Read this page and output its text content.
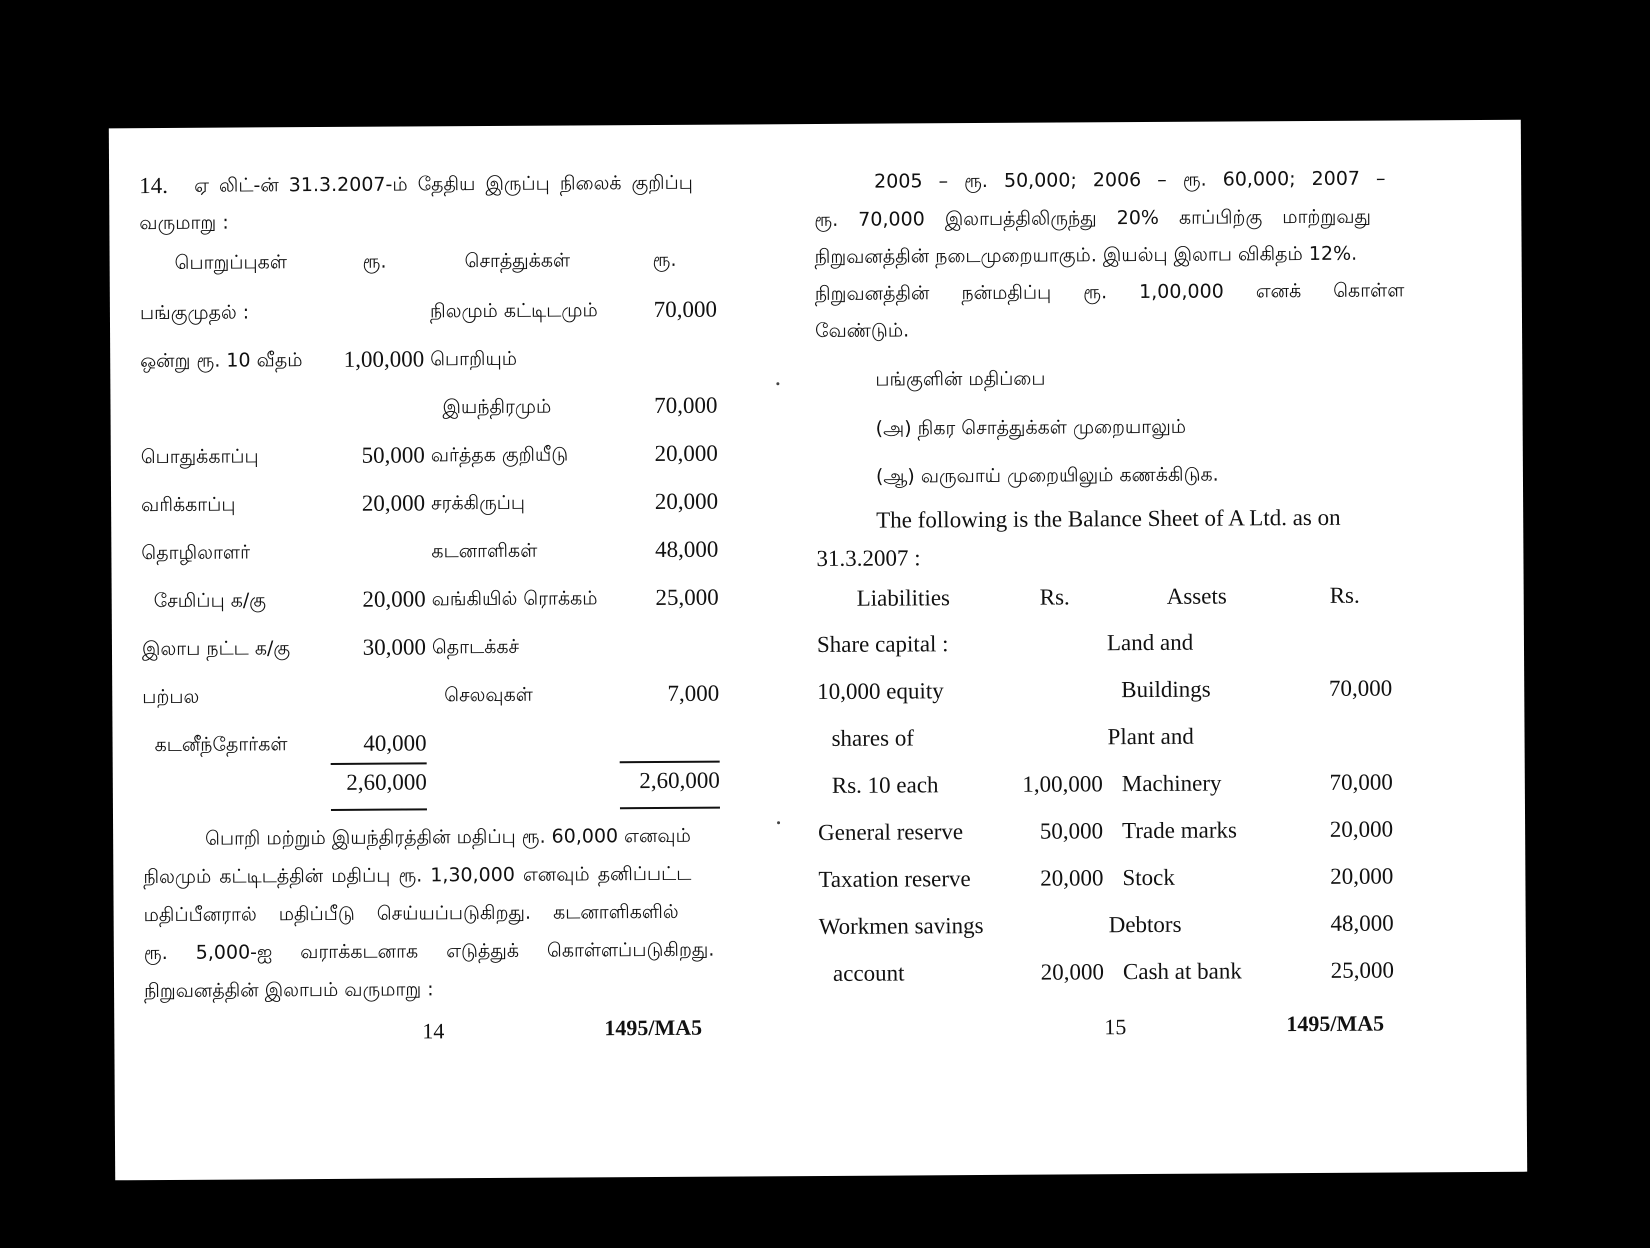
14. ஏ லிட்-ன் 31.3.2007-ம் தேதிய இருப்பு நிலைக் குறிப்பு
வருமாறு :
பொறுப்புகள்	ரூ.	சொத்துக்கள்	ரூ.
பங்குமுதல் :	நிலமும் கட்டிடமும்	70,000
ஒன்று ரூ. 10 வீதம்	1,00,000 பொறியும்
இயந்திரமும்	70,000
பொதுக்காப்பு	50,000 வர்த்தக குறியீடு	20,000
வரிக்காப்பு	20,000 சரக்கிருப்பு	20,000
தொழிலாளர்	கடனாளிகள்	48,000
சேமிப்பு க/கு	20,000 வங்கியில் ரொக்கம்	25,000
இலாப நட்ட க/கு	30,000 தொடக்கச்
பற்பல	செலவுகள்	7,000
கடனீந்தோர்கள்	40,000
2,60,000	2,60,000
பொறி மற்றும் இயந்திரத்தின் மதிப்பு ரூ. 60,000 எனவும்
நிலமும் கட்டிடத்தின் மதிப்பு ரூ. 1,30,000 எனவும் தனிப்பட்ட
மதிப்பீனரால் மதிப்பீடு செய்யப்படுகிறது. கடனாளிகளில்
ரூ. 5,000-ஐ வராக்கடனாக எடுத்துக் கொள்ளப்படுகிறது.
நிறுவனத்தின் இலாபம் வருமாறு :
14	1495/MA5
2005 – ரூ. 50,000; 2006 – ரூ. 60,000; 2007 –
ரூ. 70,000 இலாபத்திலிருந்து 20% காப்பிற்கு மாற்றுவது
நிறுவனத்தின் நடைமுறையாகும். இயல்பு இலாப விகிதம் 12%.
நிறுவனத்தின் நன்மதிப்பு ரூ. 1,00,000 எனக் கொள்ள
வேண்டும்.
பங்குளின் மதிப்பை
(அ) நிகர சொத்துக்கள் முறையாலும்
(ஆ) வருவாய் முறையிலும் கணக்கிடுக.
The following is the Balance Sheet of A Ltd. as on
31.3.2007 :
Liabilities	Rs.	Assets	Rs.
Share capital :	Land and
10,000 equity	Buildings	70,000
shares of	Plant and
Rs. 10 each	1,00,000 Machinery	70,000
General reserve	50,000 Trade marks	20,000
Taxation reserve	20,000 Stock	20,000
Workmen savings	Debtors	48,000
account	20,000 Cash at bank	25,000
15	1495/MA5
